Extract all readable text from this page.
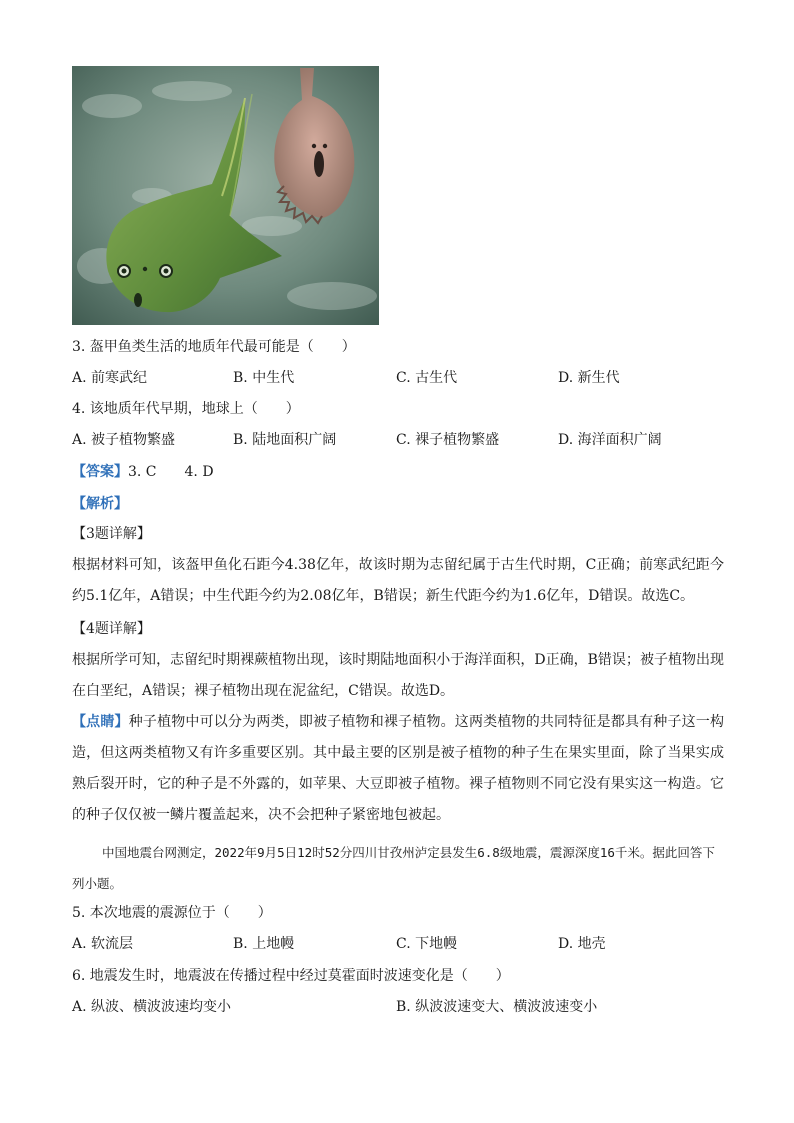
3. 盔甲鱼类生活的地质年代最可能是（　　）
A. 前寒武纪	B. 中生代	C. 古生代	D. 新生代
4. 该地质年代早期，地球上（　　）
A. 被子植物繁盛	B. 陆地面积广阔	C. 裸子植物繁盛	D. 海洋面积广阔
【答案】3. C　　4. D
【解析】
【3题详解】
根据材料可知，该盔甲鱼化石距今4.38亿年，故该时期为志留纪属于古生代时期，C正确；前寒武纪距今约5.1亿年，A错误；中生代距今约为2.08亿年，B错误；新生代距今约为1.6亿年，D错误。故选C。
【4题详解】
根据所学可知，志留纪时期裸蕨植物出现，该时期陆地面积小于海洋面积，D正确，B错误；被子植物出现在白垩纪，A错误；裸子植物出现在泥盆纪，C错误。故选D。
【点睛】种子植物中可以分为两类，即被子植物和裸子植物。这两类植物的共同特征是都具有种子这一构造，但这两类植物又有许多重要区别。其中最主要的区别是被子植物的种子生在果实里面，除了当果实成熟后裂开时，它的种子是不外露的，如苹果、大豆即被子植物。裸子植物则不同它没有果实这一构造。它的种子仅仅被一鳞片覆盖起来，决不会把种子紧密地包被起。
中国地震台网测定，2022年9月5日12时52分四川甘孜州泸定县发生6.8级地震，震源深度16千米。据此回答下列小题。
5. 本次地震的震源位于（　　）
A. 软流层	B. 上地幔	C. 下地幔	D. 地壳
6. 地震发生时，地震波在传播过程中经过莫霍面时波速变化是（　　）
A. 纵波、横波波速均变小	B. 纵波波速变大、横波波速变小
